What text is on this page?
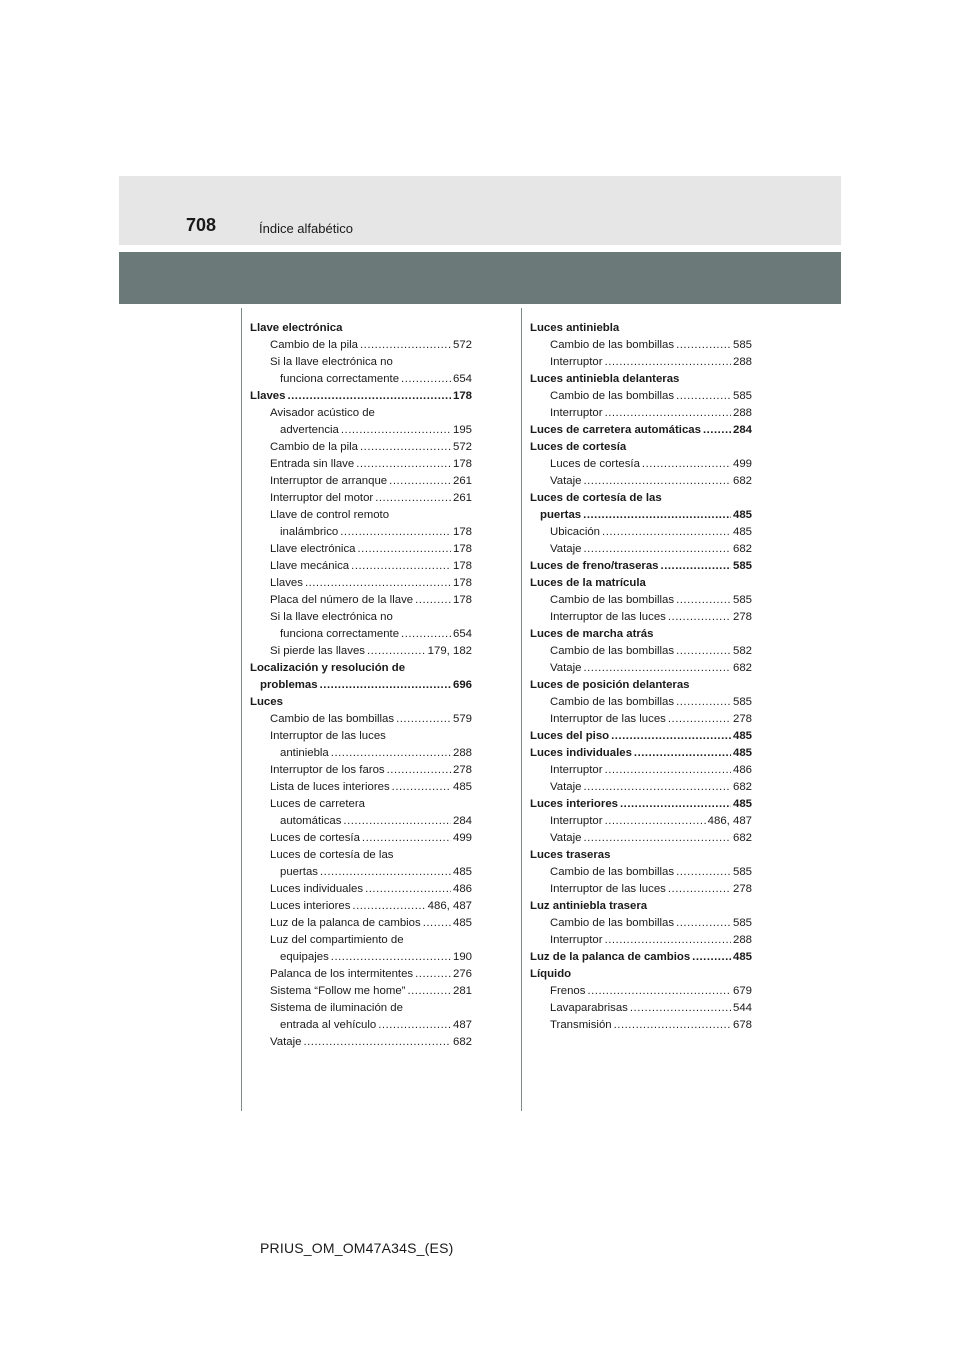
708	Índice alfabético
Llave electrónica
Cambio de la pila .....	572
Si la llave electrónica no
funciona correctamente .....	654
Llaves .....	178
Avisador acústico de
advertencia .....	195
Cambio de la pila .....	572
Entrada sin llave .....	178
Interruptor de arranque .....	261
Interruptor del motor .....	261
Llave de control remoto
inalámbrico .....	178
Llave electrónica .....	178
Llave mecánica .....	178
Llaves .....	178
Placa del número de la llave .....	178
Si la llave electrónica no
funciona correctamente .....	654
Si pierde las llaves .....	179, 182
Localización y resolución de
problemas .....	696
Luces
Cambio de las bombillas .....	579
Interruptor de las luces
antiniebla .....	288
Interruptor de los faros .....	278
Lista de luces interiores .....	485
Luces de carretera
automáticas .....	284
Luces de cortesía .....	499
Luces de cortesía de las
puertas .....	485
Luces individuales .....	486
Luces interiores .....	486, 487
Luz de la palanca de cambios .....	485
Luz del compartimiento de
equipajes .....	190
Palanca de los intermitentes .....	276
Sistema “Follow me home” .....	281
Sistema de iluminación de
entrada al vehículo .....	487
Vataje .....	682
Luces antiniebla
Cambio de las bombillas .....	585
Interruptor .....	288
Luces antiniebla delanteras
Cambio de las bombillas .....	585
Interruptor .....	288
Luces de carretera automáticas .....	284
Luces de cortesía
Luces de cortesía .....	499
Vataje .....	682
Luces de cortesía de las
puertas .....	485
Ubicación .....	485
Vataje .....	682
Luces de freno/traseras .....	585
Luces de la matrícula
Cambio de las bombillas .....	585
Interruptor de las luces .....	278
Luces de marcha atrás
Cambio de las bombillas .....	582
Vataje .....	682
Luces de posición delanteras
Cambio de las bombillas .....	585
Interruptor de las luces .....	278
Luces del piso .....	485
Luces individuales .....	485
Interruptor .....	486
Vataje .....	682
Luces interiores .....	485
Interruptor .....	486, 487
Vataje .....	682
Luces traseras
Cambio de las bombillas .....	585
Interruptor de las luces .....	278
Luz antiniebla trasera
Cambio de las bombillas .....	585
Interruptor .....	288
Luz de la palanca de cambios .....	485
Líquido
Frenos .....	679
Lavaparabrisas .....	544
Transmisión .....	678
PRIUS_OM_OM47A34S_(ES)
